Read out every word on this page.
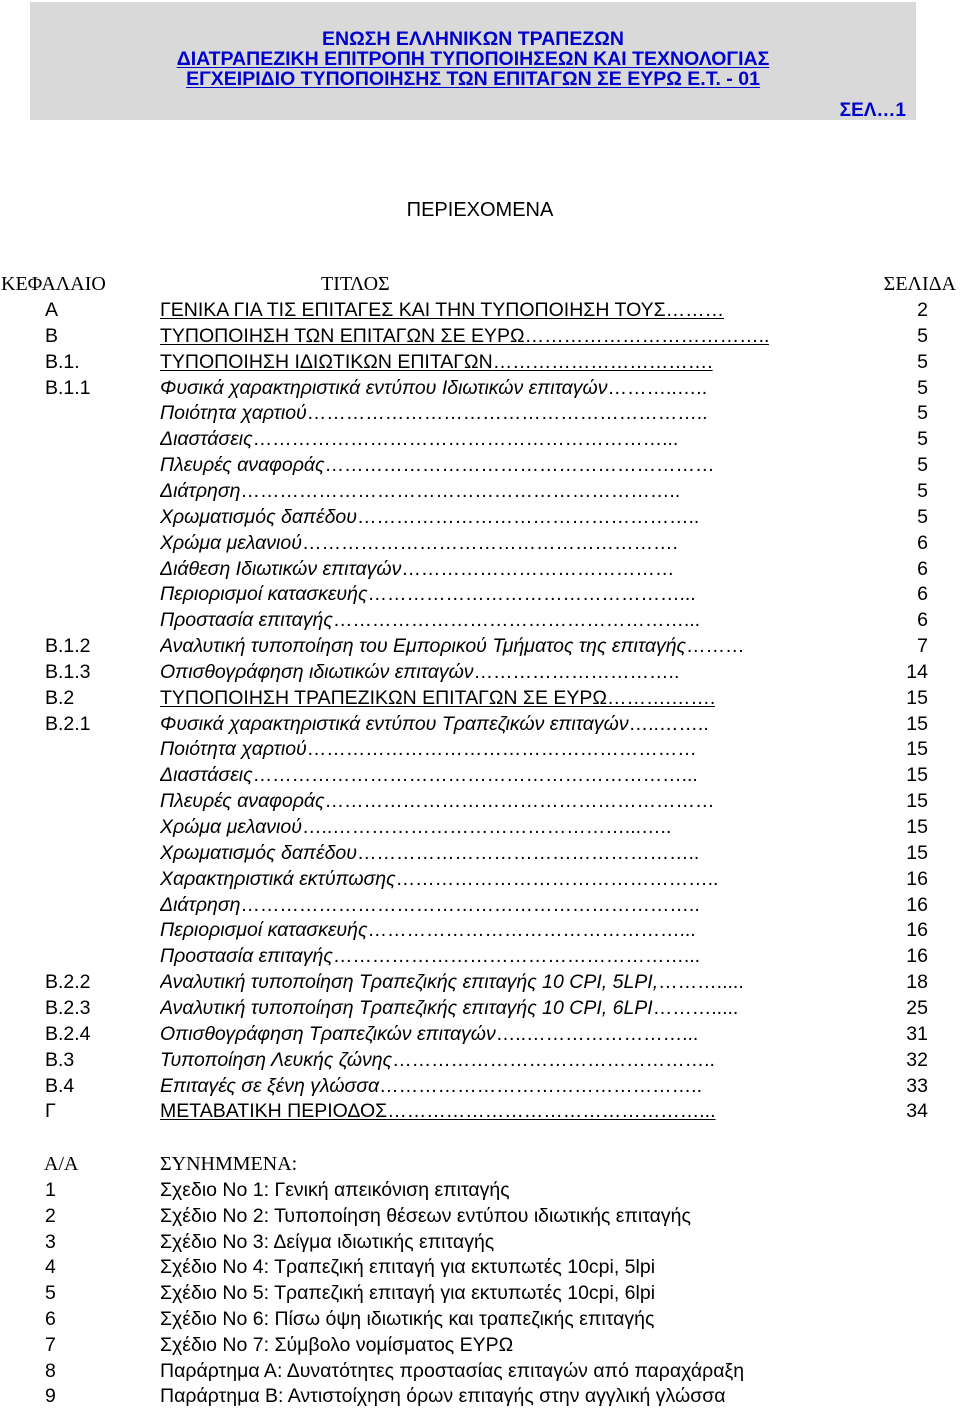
ΕΝΩΣΗ ΕΛΛΗΝΙΚΩΝ ΤΡΑΠΕΖΩΝ
ΔΙΑΤΡΑΠΕΖΙΚΗ ΕΠΙΤΡΟΠΗ ΤΥΠΟΠΟΙΗΣΕΩΝ ΚΑΙ ΤΕΧΝΟΛΟΓΙΑΣ
ΕΓΧΕΙΡΙΔΙΟ ΤΥΠΟΠΟΙΗΣΗΣ ΤΩΝ ΕΠΙΤΑΓΩΝ ΣΕ ΕΥΡΩ Ε.Τ. - 01
ΣΕΛ…1
ΠΕΡΙΕΧΟΜΕΝΑ
ΚΕΦΑΛΑΙΟ	ΤΙΤΛΟΣ	ΣΕΛΙΔΑ
Α	ΓΕΝΙΚΑ ΓΙΑ ΤΙΣ ΕΠΙΤΑΓΕΣ ΚΑΙ ΤΗΝ ΤΥΠΟΠΟΙΗΣΗ ΤΟΥΣ………	2
Β	ΤΥΠΟΠΟΙΗΣΗ ΤΩΝ ΕΠΙΤΑΓΩΝ ΣΕ ΕΥΡΩ………………………………..	5
Β.1.	ΤΥΠΟΠΟΙΗΣΗ ΙΔΙΩΤΙΚΩΝ ΕΠΙΤΑΓΩΝ…………………………….	5
Β.1.1	Φυσικά χαρακτηριστικά εντύπου Ιδιωτικών επιταγών………..…..	5
Ποιότητα χαρτιού……………………………………………………..	5
Διαστάσεις………………………………………………………...	5
Πλευρές αναφοράς……………………………………………………	5
Διάτρηση…………………………………………………………..	5
Χρωματισμός δαπέδου……………………………………………..	5
Χρώμα μελανιού………………………………………………….	6
Διάθεση Ιδιωτικών επιταγών……………………………………	6
Περιορισμοί κατασκευής…………………………………………...	6
Προστασία επιταγής………………………………………………...	6
Β.1.2	Αναλυτική τυποποίηση του Εμπορικού Τμήματος της επιταγής………	7
Β.1.3	Οπισθογράφηση ιδιωτικών επιταγών…………………………..	14
Β.2	ΤΥΠΟΠΟΙΗΣΗ ΤΡΑΠΕΖΙΚΩΝ ΕΠΙΤΑΓΩΝ ΣΕ ΕΥΡΩ……….…….	15
Β.2.1	Φυσικά χαρακτηριστικά εντύπου Τραπεζικών επιταγών…..……..	15
Ποιότητα χαρτιού……………………………………………………	15
Διαστάσεις…………………………………………………………...	15
Πλευρές αναφοράς……………………………………………………	15
Χρώμα μελανιού…..………………………………………...…..	15
Χρωματισμός δαπέδου……………………………………………..	15
Χαρακτηριστικά εκτύπωσης…………………………………………..	16
Διάτρηση……………………………………………………………..	16
Περιορισμοί κατασκευής…………………………………………...	16
Προστασία επιταγής………………………………………………...	16
Β.2.2	Αναλυτική τυποποίηση Τραπεζικής επιταγής 10 CPI, 5LPI,……….....	18
Β.2.3	Αναλυτική τυποποίηση Τραπεζικής επιταγής 10 CPI, 6LPI……….....	25
Β.2.4	Οπισθογράφηση Τραπεζικών επιταγών…..……………………...	31
Β.3	Τυποποίηση Λευκής ζώνης…………………………………………..	32
Β.4	Επιταγές σε ξένη γλώσσα…………………………………………..	33
Γ	ΜΕΤΑΒΑΤΙΚΗ ΠΕΡΙΟΔΟΣ…………………………………………...	34
Α/Α	ΣΥΝΗΜΜΕΝΑ:
1	Σχεδιο Νο 1: Γενική απεικόνιση επιταγής
2	Σχέδιο Νο 2: Τυποποίηση θέσεων εντύπου ιδιωτικής επιταγής
3	Σχέδιο Νο 3: Δείγμα ιδιωτικής επιταγής
4	Σχέδιο Νο 4: Τραπεζική επιταγή για εκτυπωτές 10cpi, 5lpi
5	Σχέδιο Νο 5: Τραπεζική επιταγή για εκτυπωτές 10cpi, 6lpi
6	Σχέδιο Νο 6: Πίσω όψη ιδιωτικής και τραπεζικής επιταγής
7	Σχέδιο Νο 7: Σύμβολο νομίσματος ΕΥΡΩ
8	Παράρτημα Α: Δυνατότητες προστασίας επιταγών από παραχάραξη
9	Παράρτημα Β: Αντιστοίχηση όρων επιταγής στην αγγλική γλώσσα
